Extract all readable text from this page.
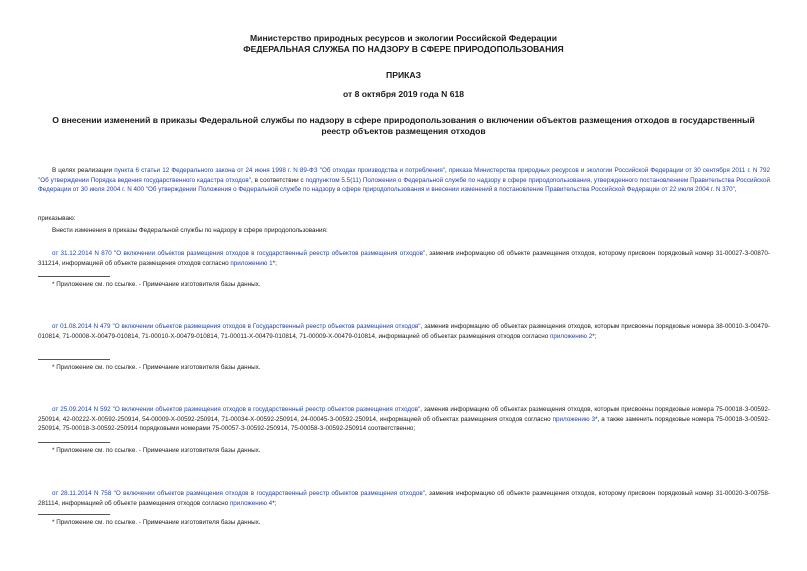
Министерство природных ресурсов и экологии Российской Федерации
ФЕДЕРАЛЬНАЯ СЛУЖБА ПО НАДЗОРУ В СФЕРЕ ПРИРОДОПОЛЬЗОВАНИЯ
ПРИКАЗ
от 8 октября 2019 года N 618
О внесении изменений в приказы Федеральной службы по надзору в сфере природопользования о включении объектов размещения отходов в государственный реестр объектов размещения отходов
В целях реализации пункта 6 статьи 12 Федерального закона от 24 июня 1998 г. N 89-ФЗ "Об отходах производства и потребления", приказа Министерства природных ресурсов и экологии Российской Федерации от 30 сентября 2011 г. N 792 "Об утверждении Порядка ведения государственного кадастра отходов", в соответствии с подпунктом 5.5(11) Положения о Федеральной службе по надзору в сфере природопользования, утвержденного постановлением Правительства Российской Федерации от 30 июля 2004 г. N 400 "Об утверждении Положения о Федеральной службе по надзору в сфере природопользования и внесении изменений в постановление Правительства Российской Федерации от 22 июля 2004 г. N 370",
приказываю:
Внести изменения в приказы Федеральной службы по надзору в сфере природопользования:
от 31.12.2014 N 870 "О включении объектов размещения отходов в государственный реестр объектов размещения отходов", заменив информацию об объекте размещения отходов, которому присвоен порядковый номер 31-00027-З-00870-311214, информацией об объекте размещения отходов согласно приложению 1*;
* Приложение см. по ссылке. - Примечание изготовителя базы данных.
от 01.08.2014 N 479 "О включении объектов размещения отходов в Государственный реестр объектов размещения отходов", заменив информацию об объектах размещения отходов, которым присвоены порядковые номера 38-00010-З-00479-010814, 71-00008-Х-00479-010814, 71-00010-Х-00479-010814, 71-00011-Х-00479-010814, 71-00009-Х-00479-010814, информацией об объектах размещения отходов согласно приложению 2*;
* Приложение см. по ссылке. - Примечание изготовителя базы данных.
от 25.09.2014 N 592 "О включении объектов размещения отходов в государственный реестр объектов размещения отходов", заменив информацию об объектах размещения отходов, которым присвоены порядковые номера 75-00018-З-00592-250914, 42-00222-Х-00592-250914, 54-00009-Х-00592-250914, 71-00034-Х-00592-250914, 24-00045-З-00592-250914, информацией об объектах размещения отходов согласно приложению 3*, а также заменить порядковые номера 75-00018-З-00592-250914, 75-00018-З-00592-250914 порядковыми номерами 75-00057-З-00592-250914, 75-00058-З-00592-250914 соответственно;
* Приложение см. по ссылке. - Примечание изготовителя базы данных.
от 28.11.2014 N 758 "О включении объектов размещения отходов в государственный реестр объектов размещения отходов", заменив информацию об объекте размещения отходов, которому присвоен порядковый номер 31-00020-З-00758-281114, информацией об объекте размещения отходов согласно приложению 4*;
* Приложение см. по ссылке. - Примечание изготовителя базы данных.
